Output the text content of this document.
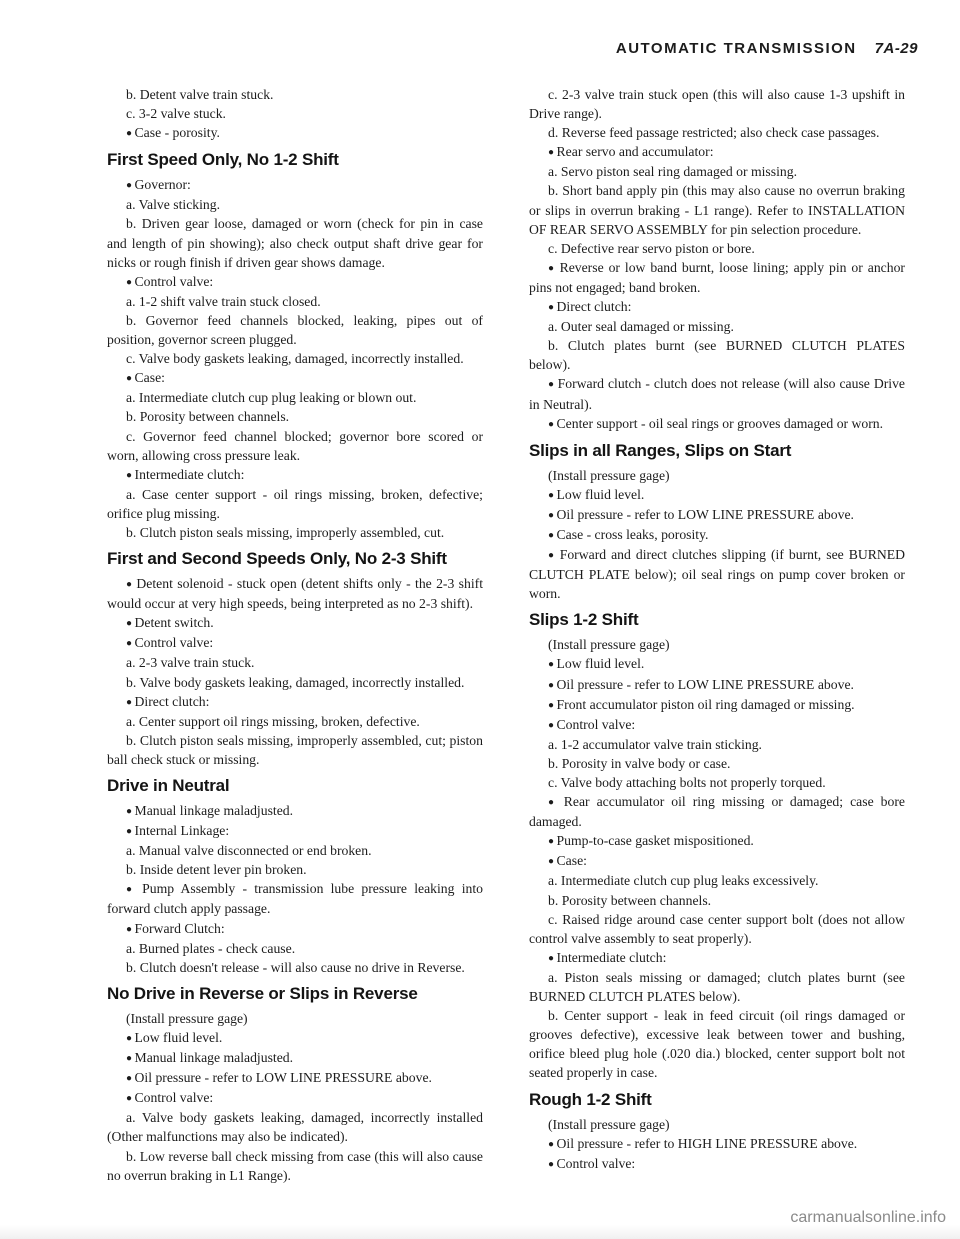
AUTOMATIC TRANSMISSION 7A-29

b. Detent valve train stuck.

c. 3-2 valve stuck.

● Case - porosity.

First Speed Only, No 1-2 Shift

● Governor:

a. Valve sticking.

b. Driven gear loose, damaged or worn (check for pin in case and length of pin showing); also check output shaft drive gear for nicks or rough finish if driven gear shows damage.

● Control valve:

a. 1-2 shift valve train stuck closed.

b. Governor feed channels blocked, leaking, pipes out of position, governor screen plugged.

c. Valve body gaskets leaking, damaged, incorrectly installed.

● Case:

a. Intermediate clutch cup plug leaking or blown out.

b. Porosity between channels.

c. Governor feed channel blocked; governor bore scored or worn, allowing cross pressure leak.

● Intermediate clutch:

a. Case center support - oil rings missing, broken, defective; orifice plug missing.

b. Clutch piston seals missing, improperly assembled, cut.

First and Second Speeds Only, No 2-3 Shift

● Detent solenoid - stuck open (detent shifts only - the 2-3 shift would occur at very high speeds, being interpreted as no 2-3 shift).

● Detent switch.

● Control valve:

a. 2-3 valve train stuck.

b. Valve body gaskets leaking, damaged, incorrectly installed.

● Direct clutch:

a. Center support oil rings missing, broken, defective.

b. Clutch piston seals missing, improperly assembled, cut; piston ball check stuck or missing.

Drive in Neutral

● Manual linkage maladjusted.

● Internal Linkage:

a. Manual valve disconnected or end broken.

b. Inside detent lever pin broken.

● Pump Assembly - transmission lube pressure leaking into forward clutch apply passage.

● Forward Clutch:

a. Burned plates - check cause.

b. Clutch doesn't release - will also cause no drive in Reverse.

No Drive in Reverse or Slips in Reverse

(Install pressure gage)

● Low fluid level.

● Manual linkage maladjusted.

● Oil pressure - refer to LOW LINE PRESSURE above.

● Control valve:

a. Valve body gaskets leaking, damaged, incorrectly installed (Other malfunctions may also be indicated).

b. Low reverse ball check missing from case (this will also cause no overrun braking in L1 Range).

c. 2-3 valve train stuck open (this will also cause 1-3 upshift in Drive range).

d. Reverse feed passage restricted; also check case passages.

● Rear servo and accumulator:

a. Servo piston seal ring damaged or missing.

b. Short band apply pin (this may also cause no overrun braking or slips in overrun braking - L1 range). Refer to INSTALLATION OF REAR SERVO ASSEMBLY for pin selection procedure.

c. Defective rear servo piston or bore.

● Reverse or low band burnt, loose lining; apply pin or anchor pins not engaged; band broken.

● Direct clutch:

a. Outer seal damaged or missing.

b. Clutch plates burnt (see BURNED CLUTCH PLATES below).

● Forward clutch - clutch does not release (will also cause Drive in Neutral).

● Center support - oil seal rings or grooves damaged or worn.

Slips in all Ranges, Slips on Start

(Install pressure gage)

● Low fluid level.

● Oil pressure - refer to LOW LINE PRESSURE above.

● Case - cross leaks, porosity.

● Forward and direct clutches slipping (if burnt, see BURNED CLUTCH PLATE below); oil seal rings on pump cover broken or worn.

Slips 1-2 Shift

(Install pressure gage)

● Low fluid level.

● Oil pressure - refer to LOW LINE PRESSURE above.

● Front accumulator piston oil ring damaged or missing.

● Control valve:

a. 1-2 accumulator valve train sticking.

b. Porosity in valve body or case.

c. Valve body attaching bolts not properly torqued.

● Rear accumulator oil ring missing or damaged; case bore damaged.

● Pump-to-case gasket mispositioned.

● Case:

a. Intermediate clutch cup plug leaks excessively.

b. Porosity between channels.

c. Raised ridge around case center support bolt (does not allow control valve assembly to seat properly).

● Intermediate clutch:

a. Piston seals missing or damaged; clutch plates burnt (see BURNED CLUTCH PLATES below).

b. Center support - leak in feed circuit (oil rings damaged or grooves defective), excessive leak between tower and bushing, orifice bleed plug hole (.020 dia.) blocked, center support bolt not seated properly in case.

Rough 1-2 Shift

(Install pressure gage)

● Oil pressure - refer to HIGH LINE PRESSURE above.

● Control valve:

carmanualsonline.info
